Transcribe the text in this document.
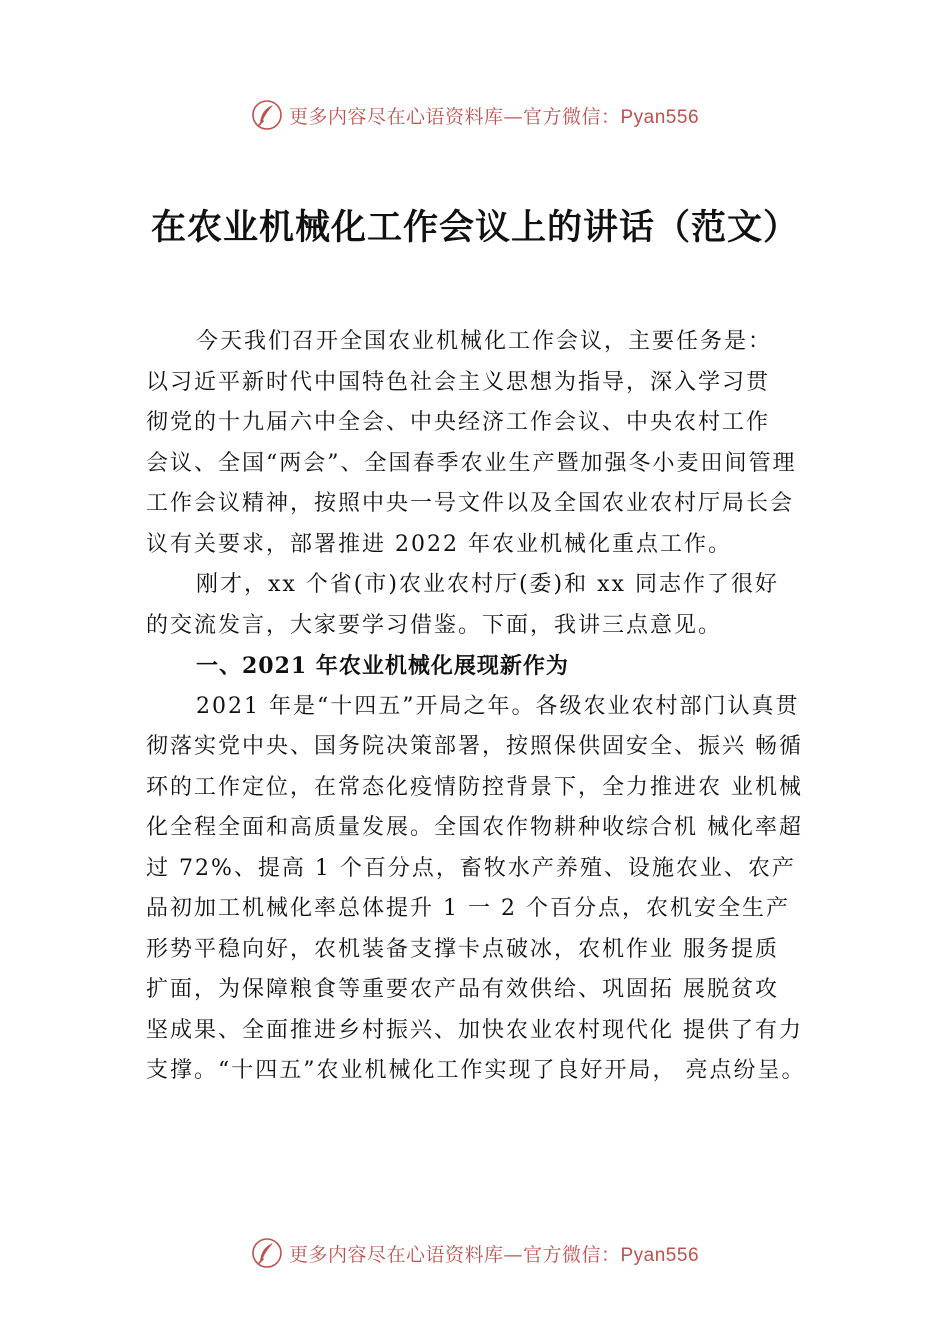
更多内容尽在心语资料库—官方微信：Pyan556
在农业机械化工作会议上的讲话（范文）
今天我们召开全国农业机械化工作会议，主要任务是：
以习近平新时代中国特色社会主义思想为指导，深入学习贯
彻党的十九届六中全会、中央经济工作会议、中央农村工作
会议、全国“两会”、全国春季农业生产暨加强冬小麦田间管理
工作会议精神，按照中央一号文件以及全国农业农村厅局长会
议有关要求，部署推进 2022 年农业机械化重点工作。
刚才，xx 个省(市)农业农村厅(委)和 xx 同志作了很好
的交流发言，大家要学习借鉴。下面，我讲三点意见。
一、2021 年农业机械化展现新作为
2021 年是“十四五”开局之年。各级农业农村部门认真贯
彻落实党中央、国务院决策部署，按照保供固安全、振兴 畅循
环的工作定位，在常态化疫情防控背景下，全力推进农 业机械
化全程全面和高质量发展。全国农作物耕种收综合机 械化率超
过 72%、提高 1 个百分点，畜牧水产养殖、设施农业、农产
品初加工机械化率总体提升 1 一 2 个百分点，农机安全生产
形势平稳向好，农机装备支撑卡点破冰，农机作业 服务提质
扩面，为保障粮食等重要农产品有效供给、巩固拓 展脱贫攻
坚成果、全面推进乡村振兴、加快农业农村现代化 提供了有力
支撑。“十四五”农业机械化工作实现了良好开局， 亮点纷呈。
更多内容尽在心语资料库—官方微信：Pyan556
